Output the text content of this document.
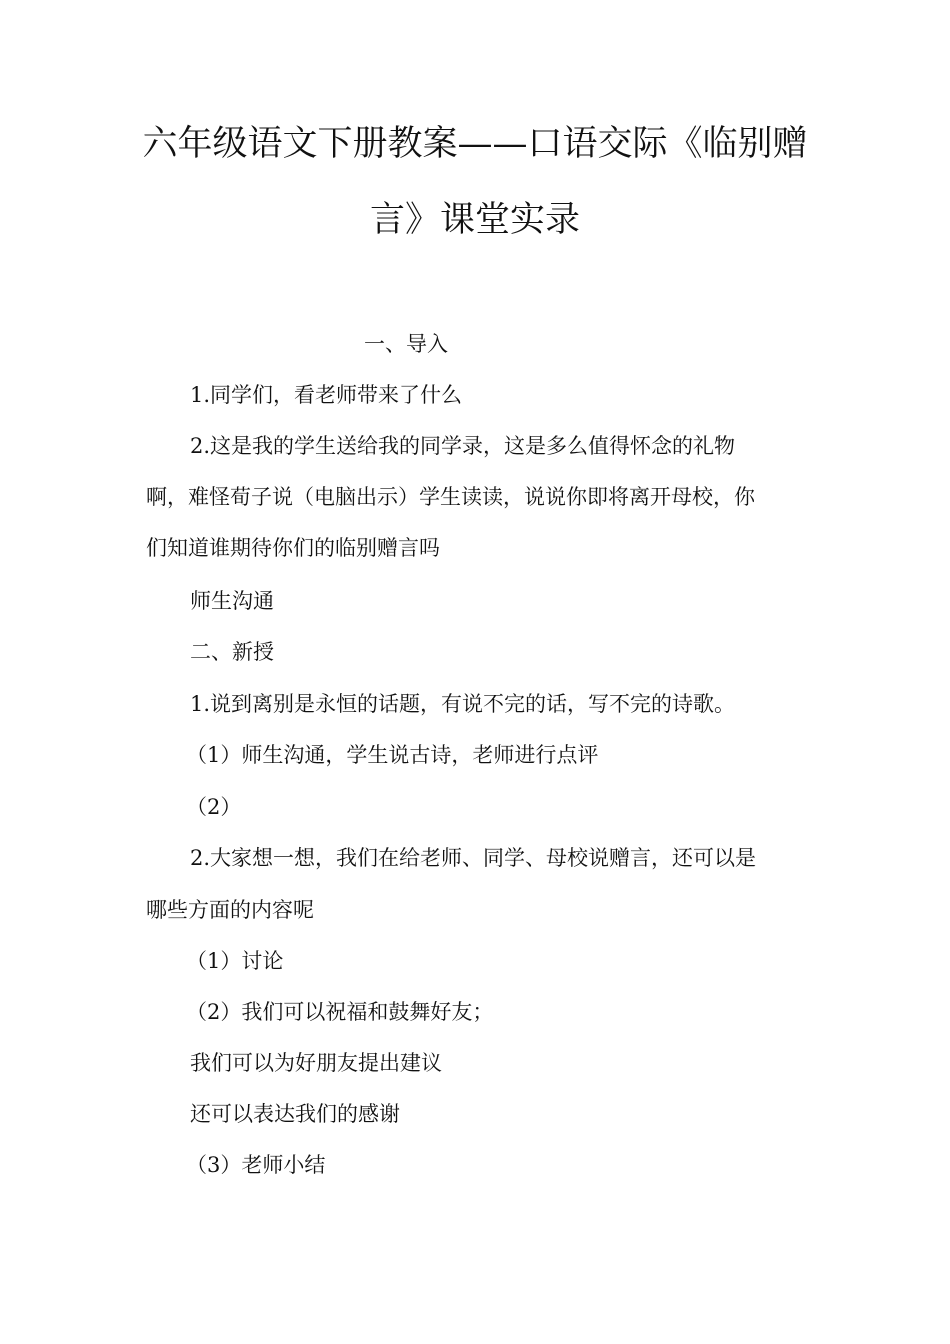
六年级语文下册教案——口语交际《临别赠
言》课堂实录

一、导入

1.同学们，看老师带来了什么

2.这是我的学生送给我的同学录，这是多么值得怀念的礼物

啊，难怪荀子说（电脑出示）学生读读，说说你即将离开母校，你

们知道谁期待你们的临别赠言吗

师生沟通

二、新授

1.说到离别是永恒的话题，有说不完的话，写不完的诗歌。

（1）师生沟通，学生说古诗，老师进行点评

（2）

2.大家想一想，我们在给老师、同学、母校说赠言，还可以是

哪些方面的内容呢

（1）讨论

（2）我们可以祝福和鼓舞好友；

我们可以为好朋友提出建议

还可以表达我们的感谢

（3）老师小结
